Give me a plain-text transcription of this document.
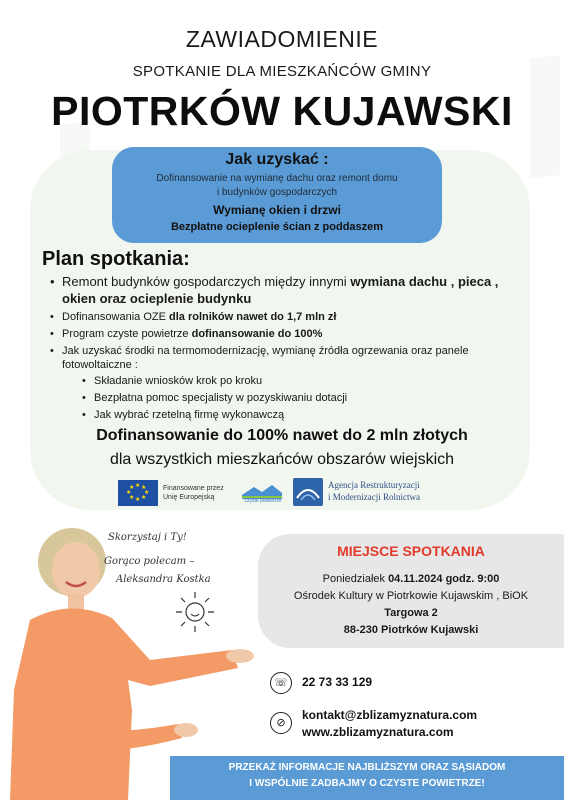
ZAWIADOMIENIE
SPOTKANIE DLA MIESZKAŃCÓW GMINY
PIOTRKÓW KUJAWSKI
Jak uzyskać :
Dofinansowanie na wymianę dachu oraz remont domu
i budynków gospodarczych
Wymianę okien i drzwi
Bezpłatne ocieplenie ścian z poddaszem
Plan spotkania:
• Remont budynków gospodarczych między innymi wymiana dachu , pieca , okien oraz ocieplenie budynku
• Dofinansowania OZE dla rolników nawet do 1,7 mln zł
• Program czyste powietrze dofinansowanie do 100%
• Jak uzyskać środki na termomodernizację, wymianę źródła ogrzewania oraz panele fotowoltaiczne :
• Składanie wniosków krok po kroku
• Bezpłatna pomoc specjalisty w pozyskiwaniu dotacji
• Jak wybrać rzetelną firmę wykonawczą
Dofinansowanie do 100% nawet do 2 mln złotych
dla wszystkich mieszkańców obszarów wiejskich
★ ★
★
★
★
★
★
★	Finansowane przez
Unię Europejską	czyste powietrze
Agencja Restrukturyzacji
i Modernizacji Rolnictwa
Skorzystaj i Ty!
Gorąco polecam –
Aleksandra Kostka
MIEJSCE SPOTKANIA
Poniedziałek 04.11.2024 godz. 9:00
Ośrodek Kultury w Piotrkowie Kujawskim , BiOK
Targowa 2
88-230 Piotrków Kujawski
☏	22 73 33 129
⊘
kontakt@zblizamyznatura.com
www.zblizamyznatura.com
PRZEKAŻ INFORMACJE NAJBLIŻSZYM ORAZ SĄSIADOM
I WSPÓLNIE ZADBAJMY O CZYSTE POWIETRZE!
